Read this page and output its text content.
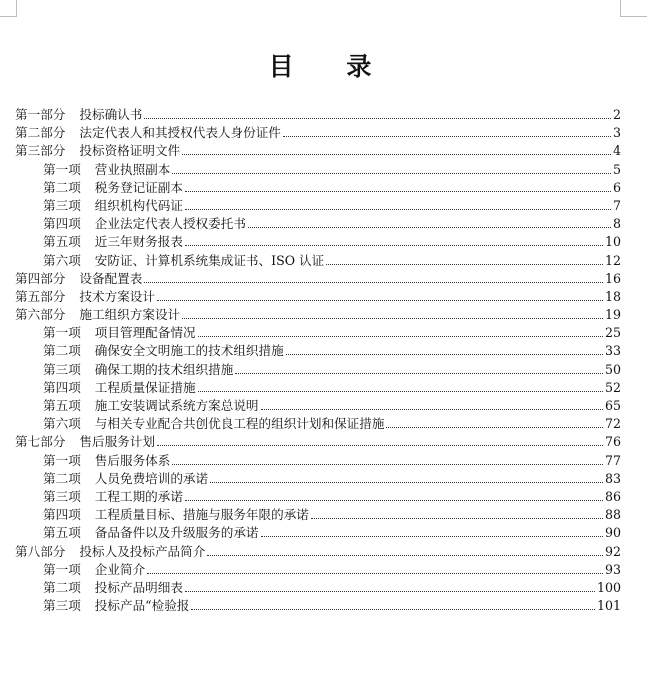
目 录
第一部分 投标确认书	2
第二部分 法定代表人和其授权代表人身份证件	3
第三部分 投标资格证明文件	4
第一项 营业执照副本	5
第二项 税务登记证副本	6
第三项 组织机构代码证	7
第四项 企业法定代表人授权委托书	8
第五项 近三年财务报表	10
第六项 安防证、计算机系统集成证书、ISO 认证	12
第四部分 设备配置表	16
第五部分 技术方案设计	18
第六部分 施工组织方案设计	19
第一项 项目管理配备情况	25
第二项 确保安全文明施工的技术组织措施	33
第三项 确保工期的技术组织措施	50
第四项 工程质量保证措施	52
第五项 施工安装调试系统方案总说明	65
第六项 与相关专业配合共创优良工程的组织计划和保证措施	72
第七部分 售后服务计划	76
第一项 售后服务体系	77
第二项 人员免费培训的承诺	83
第三项 工程工期的承诺	86
第四项 工程质量目标、措施与服务年限的承诺	88
第五项 备品备件以及升级服务的承诺	90
第八部分 投标人及投标产品简介	92
第一项 企业简介	93
第二项 投标产品明细表	100
第三项 投标产品“检验报	101
